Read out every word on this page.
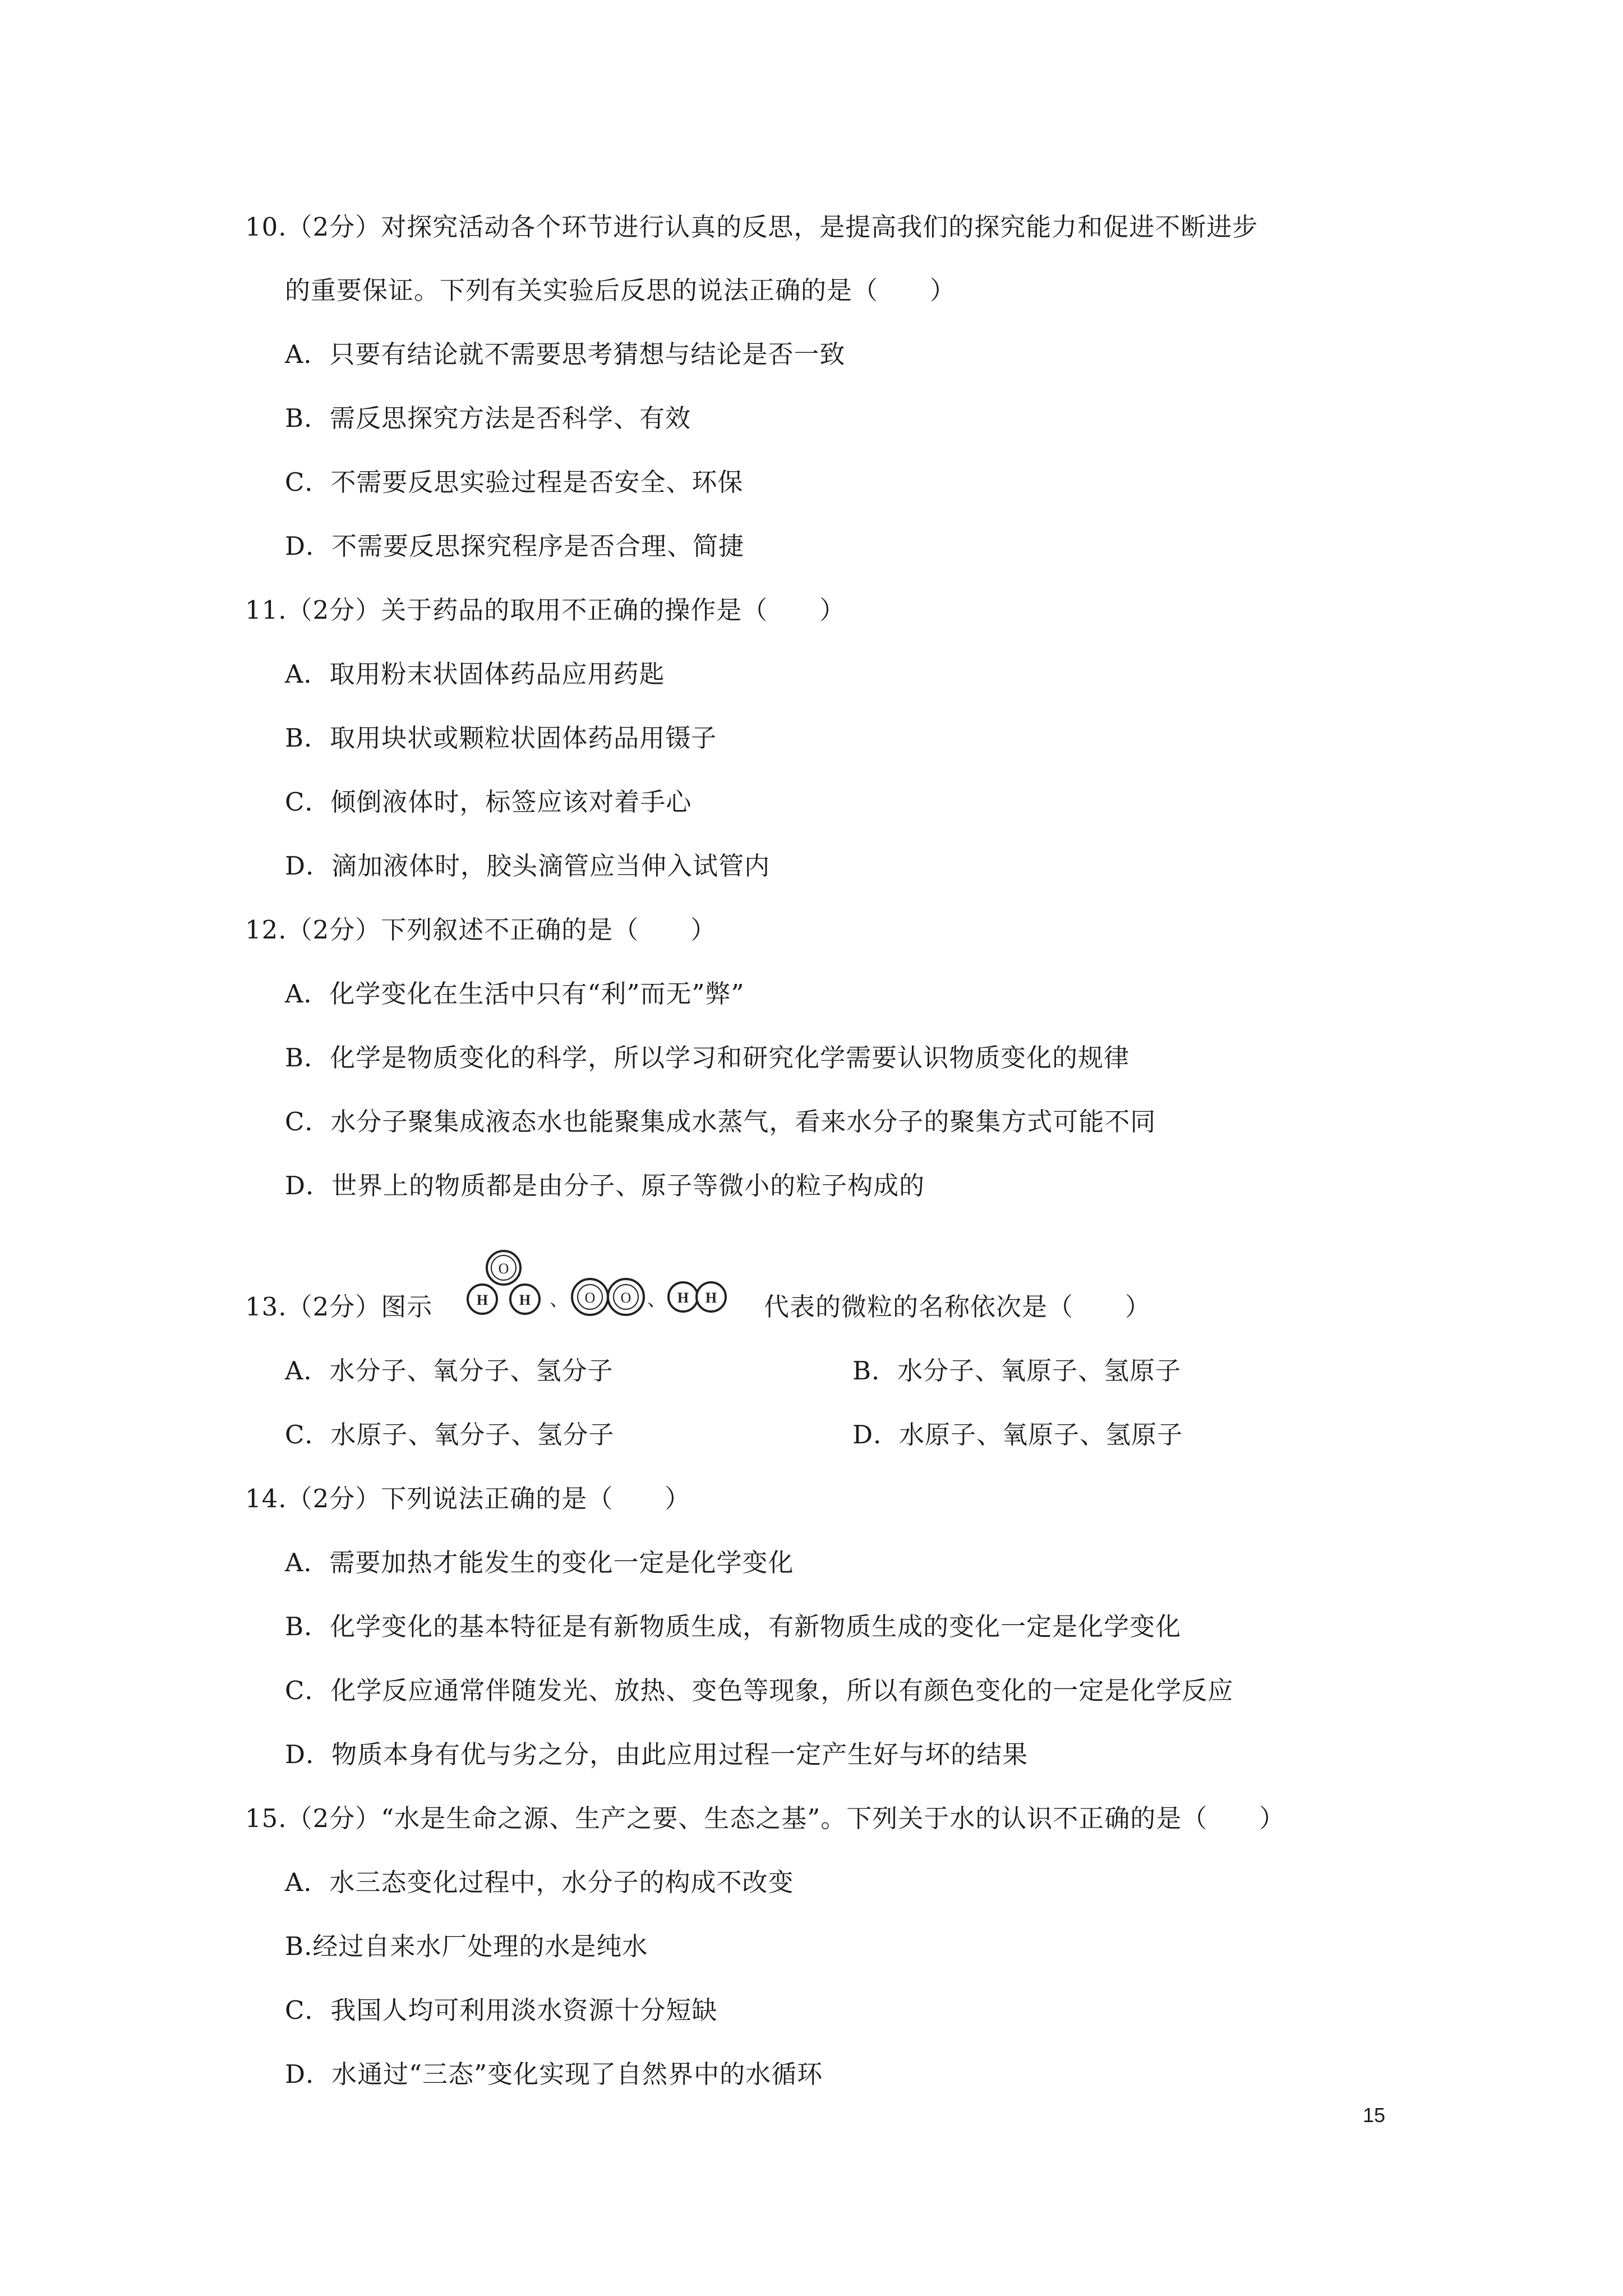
10.（2分）对探究活动各个环节进行认真的反思，是提高我们的探究能力和促进不断进步
的重要保证。下列有关实验后反思的说法正确的是（　　）
A．只要有结论就不需要思考猜想与结论是否一致
B．需反思探究方法是否科学、有效
C．不需要反思实验过程是否安全、环保
D．不需要反思探究程序是否合理、简捷
11.（2分）关于药品的取用不正确的操作是（　　）
A．取用粉末状固体药品应用药匙
B．取用块状或颗粒状固体药品用镊子
C．倾倒液体时，标签应该对着手心
D．滴加液体时，胶头滴管应当伸入试管内
12.（2分）下列叙述不正确的是（　　）
A．化学变化在生活中只有“利”而无”弊”
B．化学是物质变化的科学，所以学习和研究化学需要认识物质变化的规律
C．水分子聚集成液态水也能聚集成水蒸气，看来水分子的聚集方式可能不同
D．世界上的物质都是由分子、原子等微小的粒子构成的
13.（2分）图示
O
H H 、 O O 、 H H 代表的微粒的名称依次是（　　）
A．水分子、氧分子、氢分子	B．水分子、氧原子、氢原子
C．水原子、氧分子、氢分子	D．水原子、氧原子、氢原子
14.（2分）下列说法正确的是（　　）
A．需要加热才能发生的变化一定是化学变化
B．化学变化的基本特征是有新物质生成，有新物质生成的变化一定是化学变化
C．化学反应通常伴随发光、放热、变色等现象，所以有颜色变化的一定是化学反应
D．物质本身有优与劣之分，由此应用过程一定产生好与坏的结果
15.（2分）“水是生命之源、生产之要、生态之基”。下列关于水的认识不正确的是（　　）
A．水三态变化过程中，水分子的构成不改变
B.经过自来水厂处理的水是纯水
C．我国人均可利用淡水资源十分短缺
D．水通过“三态”变化实现了自然界中的水循环
15
